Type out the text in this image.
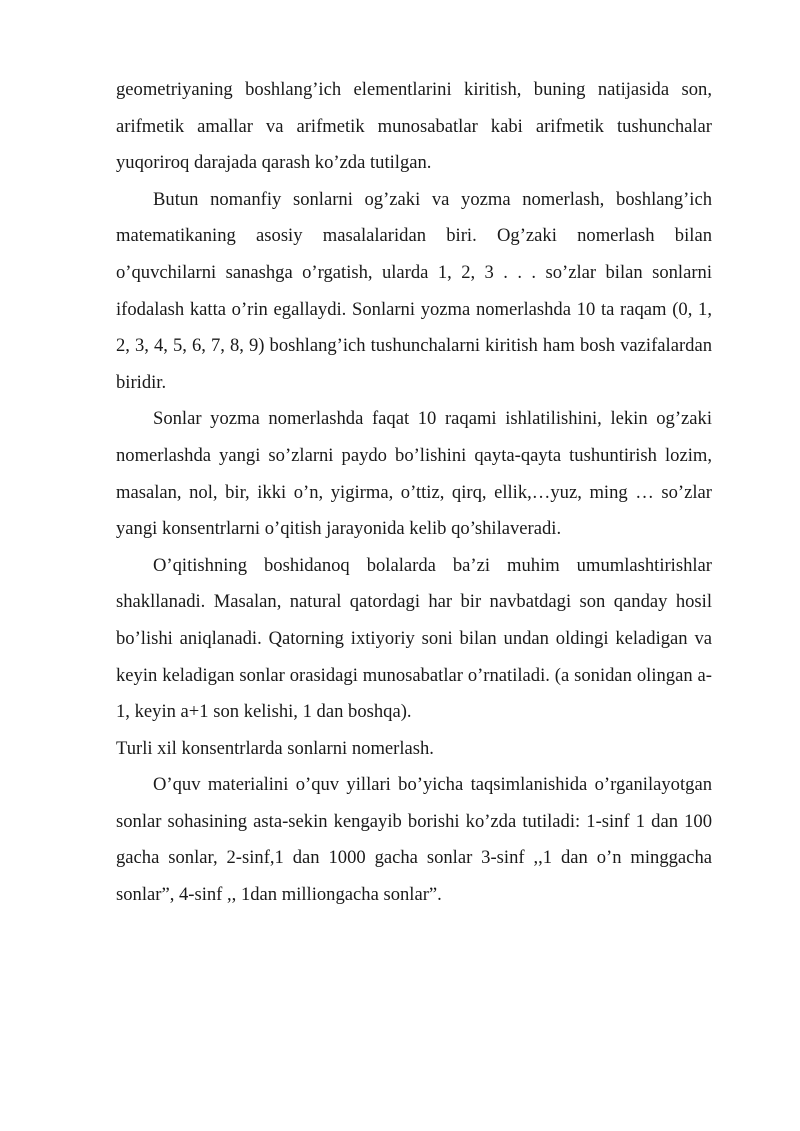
geometriyaning boshlang’ich elementlarini kiritish, buning natijasida son, arifmetik amallar va arifmetik munosabatlar kabi arifmetik tushunchalar yuqoriroq darajada qarash ko’zda tutilgan.

Butun nomanfiy sonlarni og’zaki va yozma nomerlash, boshlang’ich matematikaning asosiy masalalaridan biri. Og’zaki nomerlash bilan o’quvchilarni sanashga o’rgatish, ularda 1, 2, 3 . . . so’zlar bilan sonlarni ifodalash katta o’rin egallaydi. Sonlarni yozma nomerlashda 10 ta raqam (0, 1, 2, 3, 4, 5, 6, 7, 8, 9) boshlang’ich tushunchalarni kiritish ham bosh vazifalardan biridir.

Sonlar yozma nomerlashda faqat 10 raqami ishlatilishini, lekin og’zaki nomerlashda yangi so’zlarni paydo bo’lishini qayta-qayta tushuntirish lozim, masalan, nol, bir, ikki o’n, yigirma, o’ttiz, qirq, ellik,…yuz, ming … so’zlar yangi konsentrlarni o’qitish jarayonida kelib qo’shilaveradi.

O’qitishning boshidanoq bolalarda ba’zi muhim umumlashtirishlar shakllanadi. Masalan, natural qatordagi har bir navbatdagi son qanday hosil bo’lishi aniqlanadi. Qatorning ixtiyoriy soni bilan undan oldingi keladigan va keyin keladigan sonlar orasidagi munosabatlar o’rnatiladi. (a sonidan olingan a-1, keyin a+1 son kelishi, 1 dan boshqa).

Turli xil konsentrlarda sonlarni nomerlash.

O’quv materialini o’quv yillari bo’yicha taqsimlanishida o’rganilayotgan sonlar sohasining asta-sekin kengayib borishi ko’zda tutiladi: 1-sinf 1 dan 100 gacha sonlar, 2-sinf,1 dan 1000 gacha sonlar 3-sinf ,,1 dan o’n minggacha sonlar”, 4-sinf ,, 1dan milliongacha sonlar”.
